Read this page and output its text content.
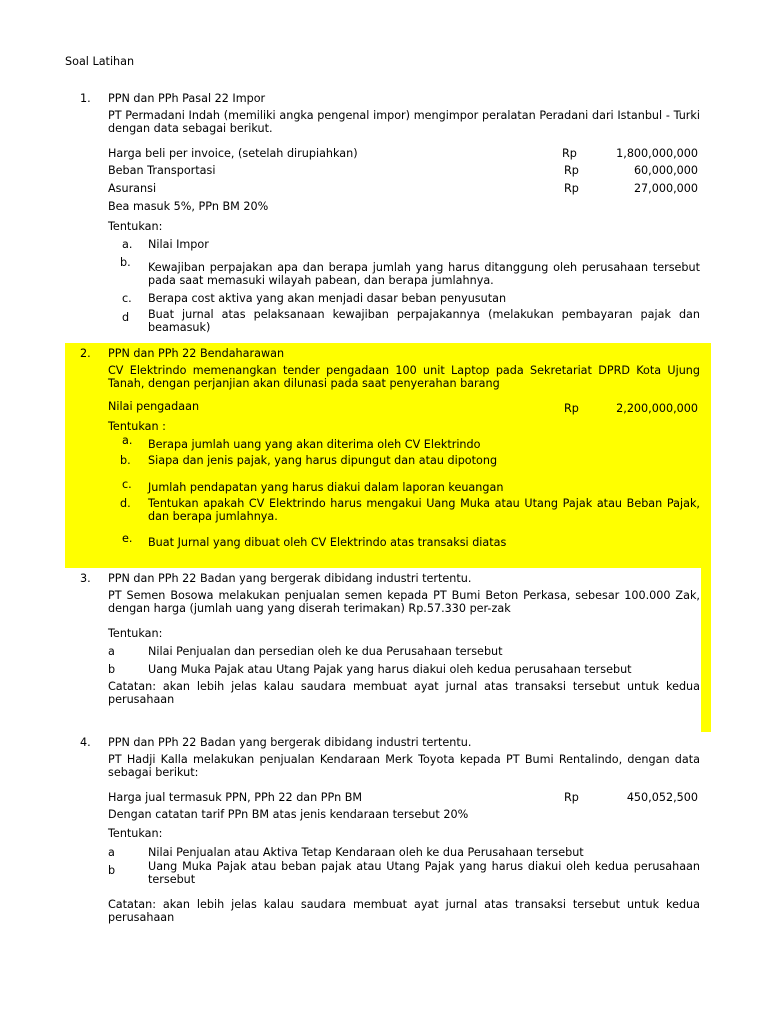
Soal Latihan
1. PPN dan PPh Pasal 22 Impor
PT Permadani Indah (memiliki angka pengenal impor) mengimpor peralatan Peradani dari Istanbul - Turki dengan data sebagai berikut.
Harga beli per invoice, (setelah dirupiahkan)	Rp	1,800,000,000
Beban Transportasi	Rp	60,000,000
Asuransi	Rp	27,000,000
Bea masuk 5%, PPn BM 20%
Tentukan:
a. Nilai Impor
b. Kewajiban perpajakan apa dan berapa jumlah yang harus ditanggung oleh perusahaan tersebut pada saat memasuki wilayah pabean, dan berapa jumlahnya.
c. Berapa cost aktiva yang akan menjadi dasar beban penyusutan
d Buat jurnal atas pelaksanaan kewajiban perpajakannya (melakukan pembayaran pajak dan beamasuk)
2. PPN dan PPh 22 Bendaharawan
CV Elektrindo memenangkan tender pengadaan 100 unit Laptop pada Sekretariat DPRD Kota Ujung Tanah, dengan perjanjian akan dilunasi pada saat penyerahan barang
Nilai pengadaan	Rp	2,200,000,000
Tentukan :
a. Berapa jumlah uang yang akan diterima oleh CV Elektrindo
b. Siapa dan jenis pajak, yang harus dipungut dan atau dipotong
c. Jumlah pendapatan yang harus diakui dalam laporan keuangan
d. Tentukan apakah CV Elektrindo harus mengakui Uang Muka atau Utang Pajak atau Beban Pajak, dan berapa jumlahnya.
e. Buat Jurnal yang dibuat oleh CV Elektrindo atas transaksi diatas
3. PPN dan PPh 22 Badan yang bergerak dibidang industri tertentu.
PT Semen Bosowa melakukan penjualan semen kepada PT Bumi Beton Perkasa, sebesar 100.000 Zak, dengan harga (jumlah uang yang diserah terimakan) Rp.57.330 per-zak
Tentukan:
a	Nilai Penjualan dan persedian oleh ke dua Perusahaan tersebut
b	Uang Muka Pajak atau Utang Pajak yang harus diakui oleh kedua perusahaan tersebut
Catatan: akan lebih jelas kalau saudara membuat ayat jurnal atas transaksi tersebut untuk kedua perusahaan
4. PPN dan PPh 22 Badan yang bergerak dibidang industri tertentu.
PT Hadji Kalla melakukan penjualan Kendaraan Merk Toyota kepada PT Bumi Rentalindo, dengan data sebagai berikut:
Harga jual termasuk PPN, PPh 22 dan PPn BM	Rp	450,052,500
Dengan catatan tarif PPn BM atas jenis kendaraan tersebut 20%
Tentukan:
a	Nilai Penjualan atau Aktiva Tetap Kendaraan oleh ke dua Perusahaan tersebut
b	Uang Muka Pajak atau beban pajak atau Utang Pajak yang harus diakui oleh kedua perusahaan tersebut
Catatan: akan lebih jelas kalau saudara membuat ayat jurnal atas transaksi tersebut untuk kedua perusahaan
